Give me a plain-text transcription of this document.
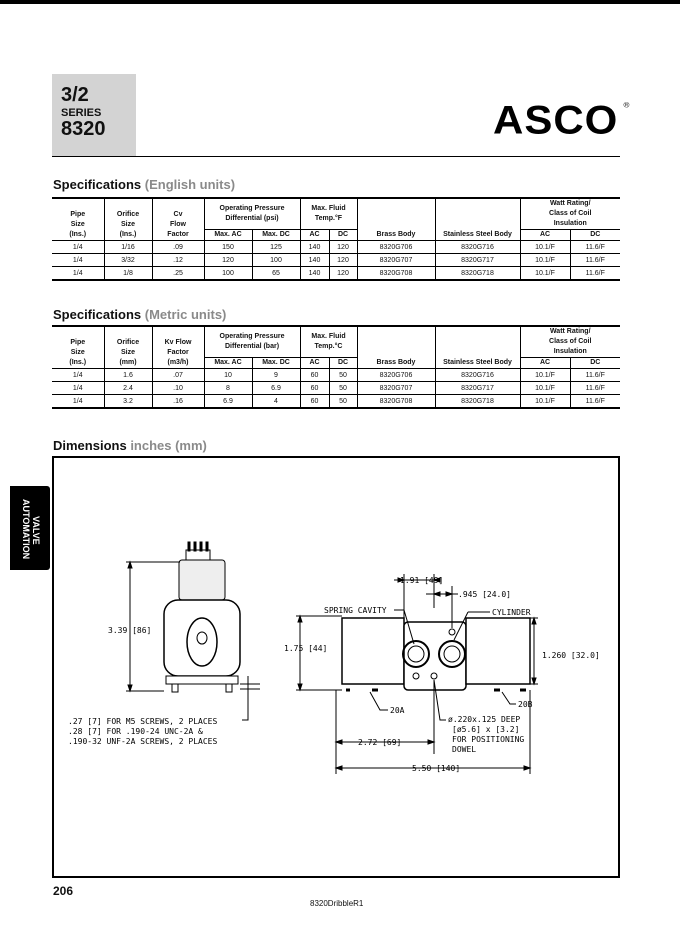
3/2
SERIES
8320	ASCO ®
Specifications (English units)
Pipe
Size
(Ins.)	Orifice
Size
(Ins.)	Cv
Flow
Factor	Operating Pressure
Differential (psi)		Max. Fluid
Temp.°F		Brass Body	Stainless Steel Body	Watt Rating/
Class of Coil
Insulation	
			Max. AC	Max. DC	AC	DC			AC	DC
1/4	1/16	.09	150	125	140	120	8320G706	8320G716	10.1/F	11.6/F
1/4	3/32	.12	120	100	140	120	8320G707	8320G717	10.1/F	11.6/F
1/4	1/8	.25	100	65	140	120	8320G708	8320G718	10.1/F	11.6/F
Specifications (Metric units)
Pipe
Size
(Ins.)	Orifice
Size
(mm)	Kv Flow
Factor
(m3/h)	Operating Pressure
Differential (bar)		Max. Fluid
Temp.°C		Brass Body	Stainless Steel Body	Watt Rating/
Class of Coil
Insulation	
			Max. AC	Max. DC	AC	DC			AC	DC
1/4	1.6	.07	10	9	60	50	8320G706	8320G716	10.1/F	11.6/F
1/4	2.4	.10	8	6.9	60	50	8320G707	8320G717	10.1/F	11.6/F
1/4	3.2	.16	6.9	4	60	50	8320G708	8320G718	10.1/F	11.6/F
Dimensions inches (mm)
VALVE
AUTOMATION
3.39 [86]
.27 [7] FOR M5 SCREWS, 2 PLACES
.28 [7] FOR .190-24 UNC-2A &
.190-32 UNF-2A SCREWS, 2 PLACES
1.91 [49]
.945 [24.0]
SPRING CAVITY	CYLINDER
1.75 [44]
1.260 [32.0]
20A
20B
ø.220x.125 DEEP
[ø5.6] x [3.2]
FOR POSITIONING
DOWEL
2.72 [69]
5.50 [140]
206
8320DribbleR1
